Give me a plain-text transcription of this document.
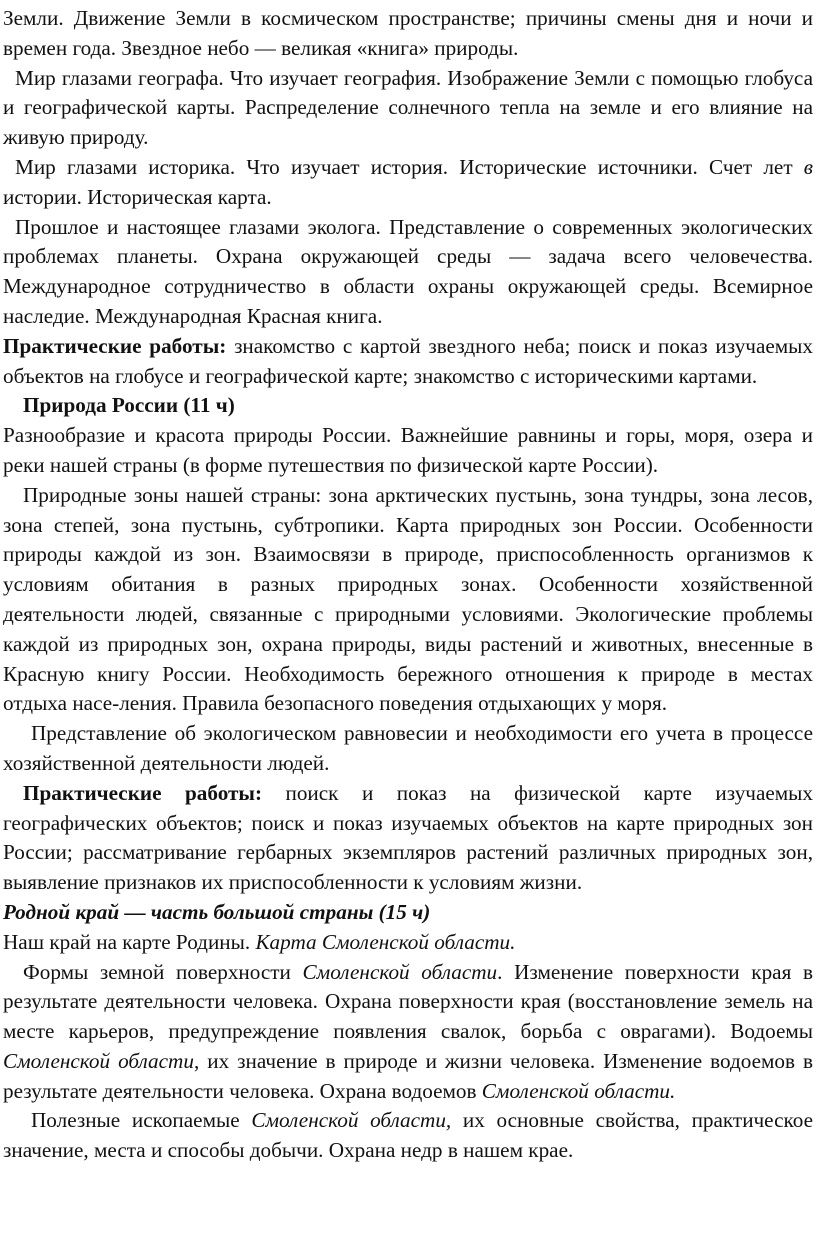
Земли. Движение Земли в космическом пространстве; причины смены дня и ночи и времен года. Звездное небо — великая «книга» природы.

Мир глазами географа. Что изучает география. Изображение Земли с помощью глобуса и географической карты. Распределение солнечного тепла на земле и его влияние на живую природу.

Мир глазами историка. Что изучает история. Исторические источники. Счет лет в истории. Историческая карта.

Прошлое и настоящее глазами эколога. Представление о современных экологических проблемах планеты. Охрана окружающей среды — задача всего человечества. Международное сотрудничество в области охраны окружающей среды. Всемирное наследие. Международная Красная книга.

Практические работы: знакомство с картой звездного неба; поиск и показ изучаемых объектов на глобусе и географической карте; знакомство с историческими картами.

Природа России (11 ч)

Разнообразие и красота природы России. Важнейшие равнины и горы, моря, озера и реки нашей страны (в форме путешествия по физической карте России).

Природные зоны нашей страны: зона арктических пустынь, зона тундры, зона лесов, зона степей, зона пустынь, субтропики. Карта природных зон России. Особенности природы каждой из зон. Взаимосвязи в природе, приспособленность организмов к условиям обитания в разных природных зонах. Особенности хозяйственной деятельности людей, связанные с природными условиями. Экологические проблемы каждой из природных зон, охрана природы, виды растений и животных, внесенные в Красную книгу России. Необходимость бережного отношения к природе в местах отдыха насе-ления. Правила безопасного поведения отдыхающих у моря.

Представление об экологическом равновесии и необходимости его учета в процессе хозяйственной деятельности людей.

Практические работы: поиск и показ на физической карте изучаемых географических объектов; поиск и показ изучаемых объектов на карте природных зон России; рассматривание гербарных экземпляров растений различных природных зон, выявление признаков их приспособленности к условиям жизни.

Родной край — часть большой страны (15 ч)

Наш край на карте Родины. Карта Смоленской области.

Формы земной поверхности Смоленской области. Изменение поверхности края в результате деятельности человека. Охрана поверхности края (восстановление земель на месте карьеров, предупреждение появления свалок, борьба с оврагами). Водоемы Смоленской области, их значение в природе и жизни человека. Изменение водоемов в результате деятельности человека. Охрана водоемов Смоленской области.

Полезные ископаемые Смоленской области, их основные свойства, практическое значение, места и способы добычи. Охрана недр в нашем крае.
